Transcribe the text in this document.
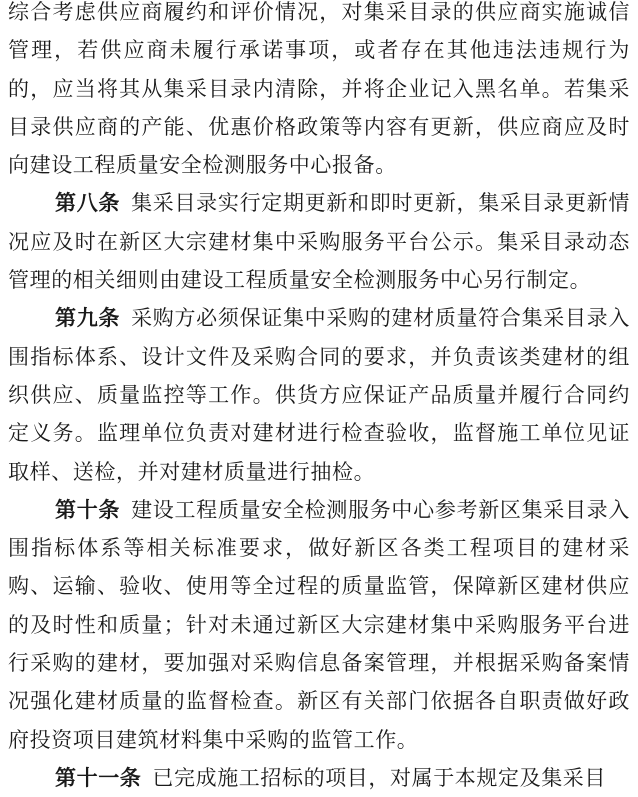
综合考虑供应商履约和评价情况，对集采目录的供应商实施诚信管理，若供应商未履行承诺事项，或者存在其他违法违规行为的，应当将其从集采目录内清除，并将企业记入黑名单。若集采目录供应商的产能、优惠价格政策等内容有更新，供应商应及时向建设工程质量安全检测服务中心报备。

第八条 集采目录实行定期更新和即时更新，集采目录更新情况应及时在新区大宗建材集中采购服务平台公示。集采目录动态管理的相关细则由建设工程质量安全检测服务中心另行制定。

第九条 采购方必须保证集中采购的建材质量符合集采目录入围指标体系、设计文件及采购合同的要求，并负责该类建材的组织供应、质量监控等工作。供货方应保证产品质量并履行合同约定义务。监理单位负责对建材进行检查验收，监督施工单位见证取样、送检，并对建材质量进行抽检。

第十条 建设工程质量安全检测服务中心参考新区集采目录入围指标体系等相关标准要求，做好新区各类工程项目的建材采购、运输、验收、使用等全过程的质量监管，保障新区建材供应的及时性和质量；针对未通过新区大宗建材集中采购服务平台进行采购的建材，要加强对采购信息备案管理，并根据采购备案情况强化建材质量的监督检查。新区有关部门依据各自职责做好政府投资项目建筑材料集中采购的监管工作。

第十一条 已完成施工招标的项目，对属于本规定及集采目
